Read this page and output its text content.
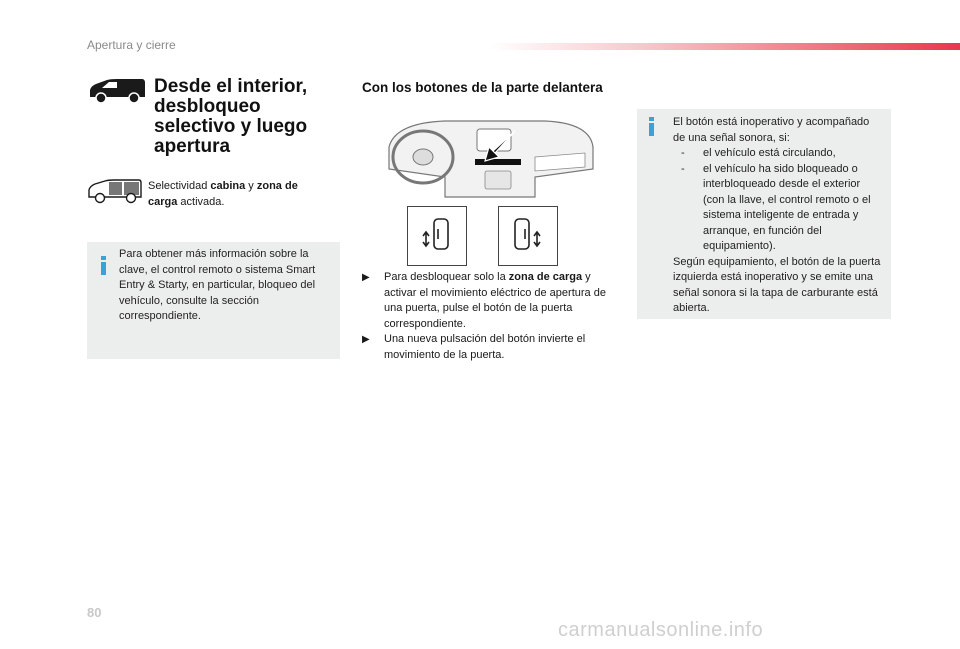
Apertura y cierre
Desde el interior, desbloqueo selectivo y luego apertura
Selectividad cabina y zona de carga activada.
Para obtener más información sobre la clave, el control remoto o sistema Smart Entry & Starty, en particular, bloqueo del vehículo, consulte la sección correspondiente.
Con los botones de la parte delantera
▶︎ Para desbloquear solo la zona de carga y activar el movimiento eléctrico de apertura de una puerta, pulse el botón de la puerta correspondiente.
▶︎ Una nueva pulsación del botón invierte el movimiento de la puerta.
El botón está inoperativo y acompañado de una señal sonora, si:
- el vehículo está circulando,
- el vehículo ha sido bloqueado o interbloqueado desde el exterior (con la llave, el control remoto o el sistema inteligente de entrada y arranque, en función del equipamiento).
Según equipamiento, el botón de la puerta izquierda está inoperativo y se emite una señal sonora si la tapa de carburante está abierta.
80
carmanualsonline.info
